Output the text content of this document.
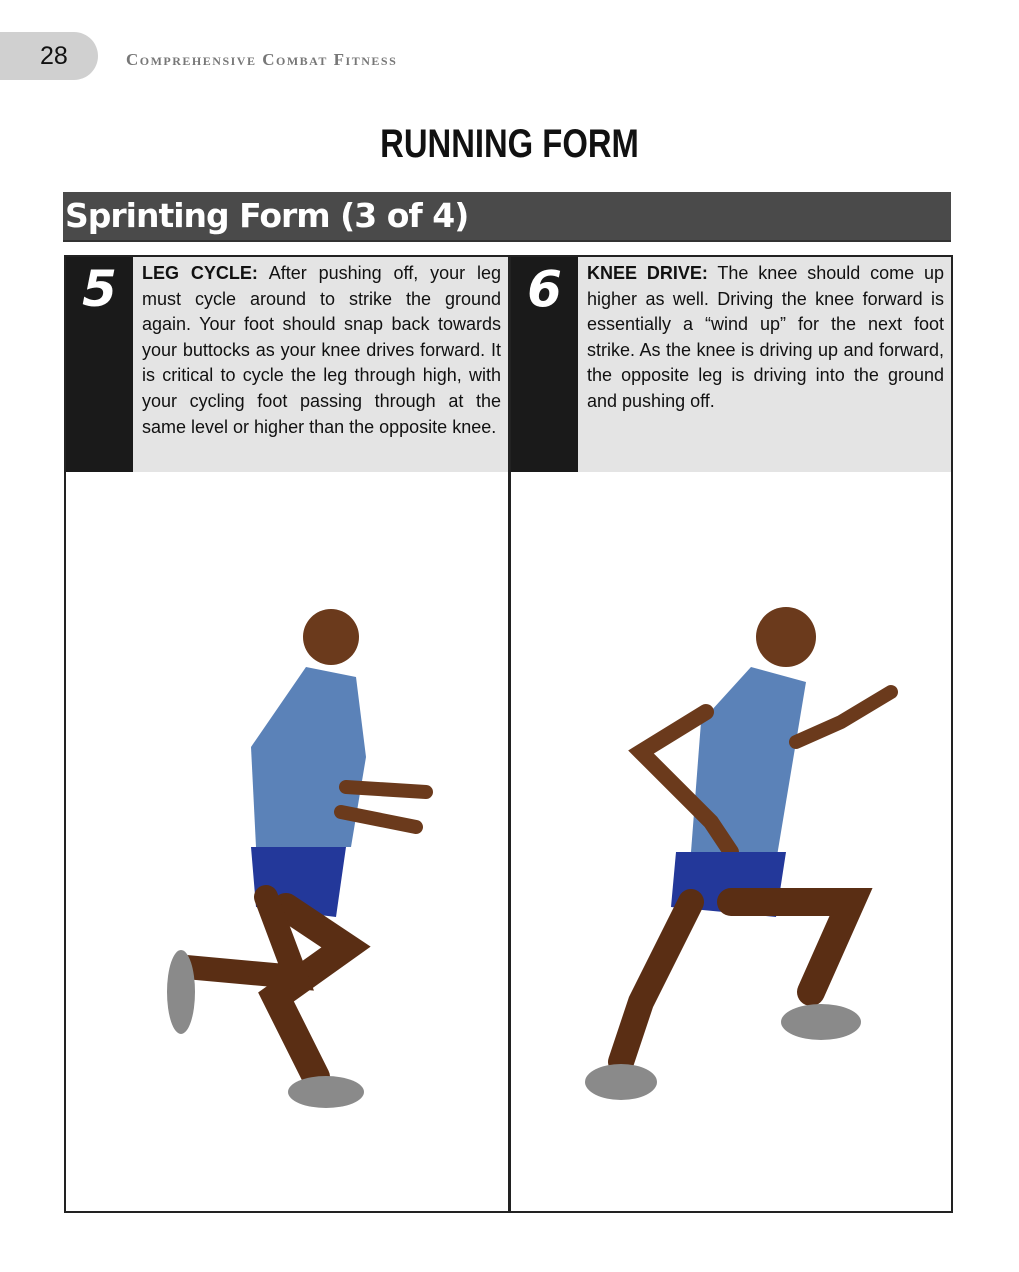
28	Comprehensive Combat Fitness
RUNNING FORM
Sprinting Form (3 of 4)
5	LEG CYCLE: After pushing off, your leg must cycle around to strike the ground again. Your foot should snap back towards your buttocks as your knee drives forward. It is critical to cycle the leg through high, with your cycling foot passing through at the same level or higher than the opposite knee.
6	KNEE DRIVE: The knee should come up higher as well. Driving the knee forward is essentially a “wind up” for the next foot strike. As the knee is driving up and forward, the opposite leg is driving into the ground and pushing off.
